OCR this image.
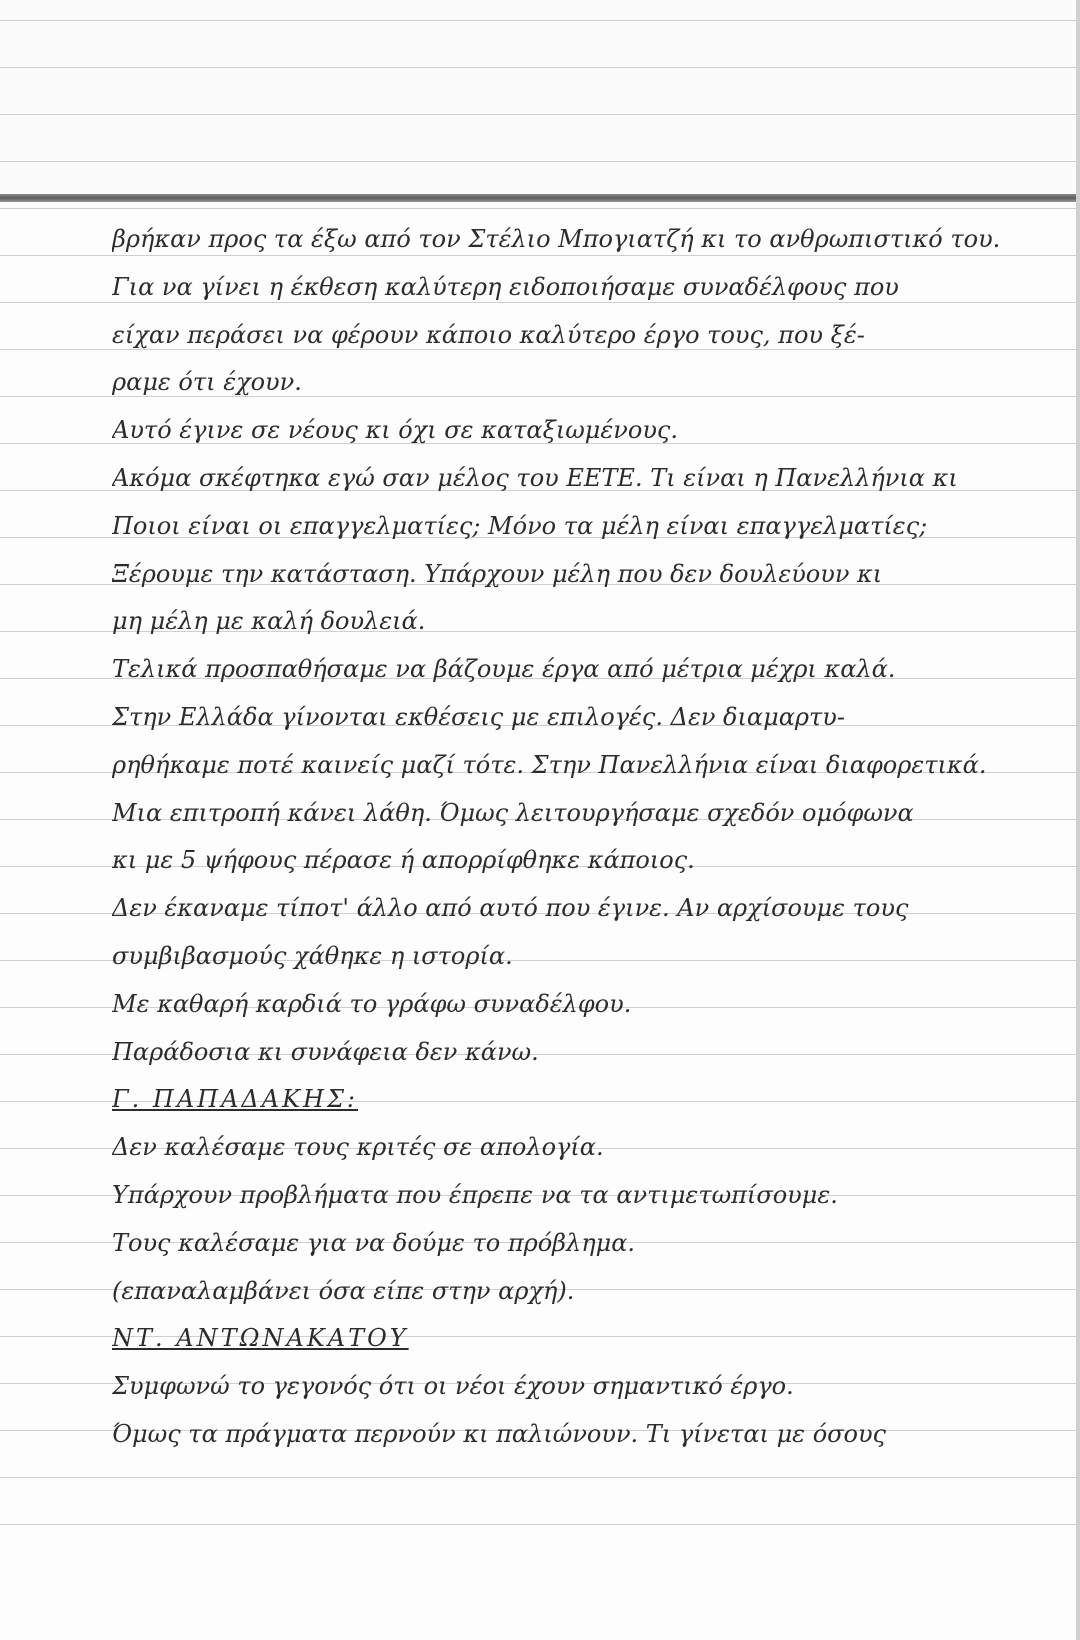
βρήκαν προς τα έξω από τον Στέλιο Μπογιατζή κι το ανθρωπιστικό του.
Για να γίνει η έκθεση καλύτερη ειδοποιήσαμε συναδέλφους που
είχαν περάσει να φέρουν κάποιο καλύτερο έργο τους, που ξέ-
ραμε ότι έχουν.
Αυτό έγινε σε νέους κι όχι σε καταξιωμένους.
Ακόμα σκέφτηκα εγώ σαν μέλος του ΕΕΤΕ. Τι είναι η Πανελλήνια κι
Ποιοι είναι οι επαγγελματίες; Μόνο τα μέλη είναι επαγγελματίες;
Ξέρουμε την κατάσταση. Υπάρχουν μέλη που δεν δουλεύουν κι
μη μέλη με καλή δουλειά.
Τελικά προσπαθήσαμε να βάζουμε έργα από μέτρια μέχρι καλά.
Στην Ελλάδα γίνονται εκθέσεις με επιλογές. Δεν διαμαρτυ-
ρηθήκαμε ποτέ καινείς μαζί τότε. Στην Πανελλήνια είναι διαφορετικά.
Μια επιτροπή κάνει λάθη. Όμως λειτουργήσαμε σχεδόν ομόφωνα
κι με 5 ψήφους πέρασε ή απορρίφθηκε κάποιος.
Δεν έκαναμε τίποτ' άλλο από αυτό που έγινε. Αν αρχίσουμε τους
συμβιβασμούς χάθηκε η ιστορία.
Με καθαρή καρδιά το γράφω συναδέλφου.
Παράδοσια κι συνάφεια δεν κάνω.
Γ. ΠΑΠΑΔΑΚΗΣ:
Δεν καλέσαμε τους κριτές σε απολογία.
Υπάρχουν προβλήματα που έπρεπε να τα αντιμετωπίσουμε.
Τους καλέσαμε για να δούμε το πρόβλημα.
(επαναλαμβάνει όσα είπε στην αρχή).
ΝΤ. ΑΝΤΩΝΑΚΑΤΟΥ
Συμφωνώ το γεγονός ότι οι νέοι έχουν σημαντικό έργο.
Όμως τα πράγματα περνούν κι παλιώνουν. Τι γίνεται με όσους
